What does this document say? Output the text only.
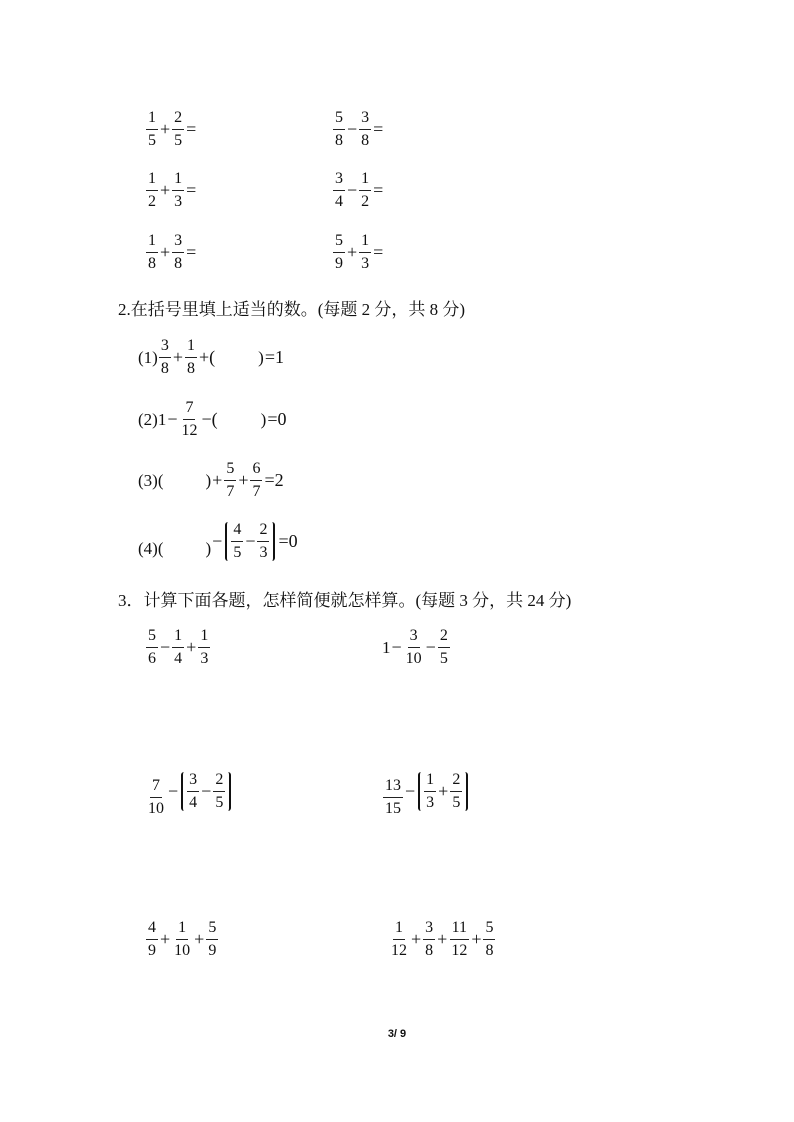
$\frac{1}{5} + \frac{2}{5}$ =	$\frac{5}{8} - \frac{3}{8}$ =
$\frac{1}{2} + \frac{1}{3}$ =	$\frac{3}{4} - \frac{1}{2}$ =
$\frac{1}{8} + \frac{3}{8}$ =	$\frac{5}{9} + \frac{1}{3}$ =
2.在括号里填上适当的数。(每题 2 分，共 8 分)
$(1) \frac{3}{8} + \frac{1}{8}$ +(	) =1
$(2)1 - \frac{7}{12}$ −(	) =0
(3)( ) + $\frac{5}{7} + \frac{6}{7} =2$
(4)( ) − $\frac{4}{5} - \frac{2}{3} =0$
3．计算下面各题，怎样简便就怎样算。(每题 3 分，共 24 分)
$\frac{5}{6} - \frac{1}{4} + \frac{1}{3}$	$1 - \frac{3}{10} - \frac{2}{5}$
$\frac{7}{10} - \frac{3}{4} - \frac{2}{5}$	$\frac{13}{15} - \frac{1}{3} + \frac{2}{5}$
$\frac{4}{9} + \frac{1}{10} + \frac{5}{9}$	$\frac{1}{12} + \frac{3}{8} + \frac{11}{12} + \frac{5}{8}$
3/ 9
